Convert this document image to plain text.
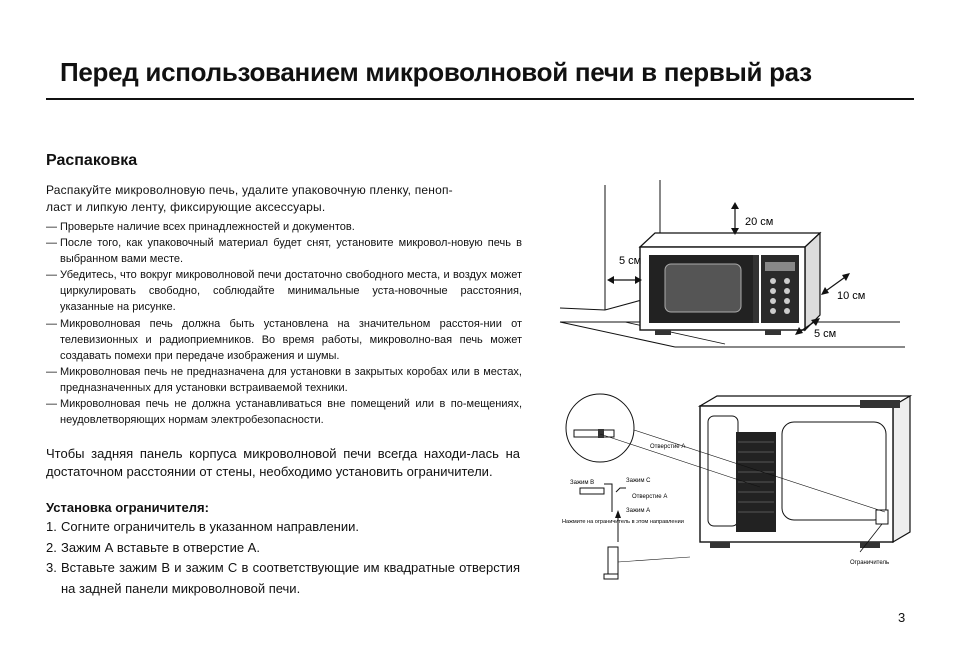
Перед использованием микроволновой печи в первый раз
Распаковка
Распакуйте микроволновую печь, удалите упаковочную пленку, пеноп-
ласт и липкую ленту, фиксирующие аксессуары.
— Проверьте наличие всех принадлежностей и документов.
— После того, как упаковочный материал будет снят, установите микровол-новую печь в выбранном вами месте.
— Убедитесь, что вокруг микроволновой печи достаточно свободного места, и воздух может циркулировать свободно, соблюдайте минимальные уста-новочные расстояния, указанные на рисунке.
— Микроволновая печь должна быть установлена на значительном расстоя-нии от телевизионных и радиоприемников. Во время работы, микроволно-вая печь может создавать помехи при передаче изображения и шумы.
— Микроволновая печь не предназначена для установки в закрытых коробах или в местах, предназначенных для установки встраиваемой техники.
— Микроволновая печь не должна устанавливаться вне помещений или в по-мещениях, неудовлетворяющих нормам электробезопасности.
Чтобы задняя панель корпуса микроволновой печи всегда находи-лась на достаточном расстоянии от стены, необходимо установить ограничители.
Установка ограничителя:
1. Согните ограничитель в указанном направлении.
2. Зажим А вставьте в отверстие А.
3. Вставьте зажим В и зажим С в соответствующие им квадратные отверстия на задней панели микроволновой печи.
20 см
5 см
10 см
5 см
Отверстие A
Зажим B	Зажим C
Отверстие A
Зажим A
Нажмите на ограничитель в этом направлении
Ограничитель
3
